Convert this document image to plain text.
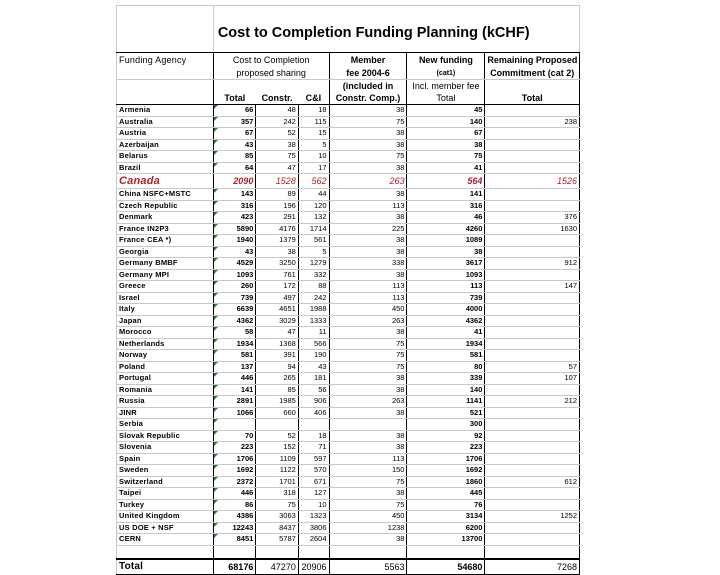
	Cost to Completion Funding Planning (kCHF)					
Funding Agency	Cost to Completion			Member	New funding	Remaining Proposed
	proposed sharing			fee 2004-6	(cat1)	Commitment (cat 2)
				(included in	Incl. member fee	
	Total	Constr.	C&I	Constr. Comp.)	Total	Total
Armenia	66	48	18	38	45	
Australia	357	242	115	75	140	238
Austria	67	52	15	38	67	
Azerbaijan	43	38	5	38	38	
Belarus	85	75	10	75	75	
Brazil	64	47	17	38	41	
Canada	2090	1528	562	263	564	1526
China NSFC+MSTC	143	89	44	38	141	
Czech Republic	316	196	120	113	316	
Denmark	423	291	132	38	46	376
France IN2P3	5890	4176	1714	225	4260	1630
France CEA *)	1940	1379	561	38	1089	
Georgia	43	38	5	38	38	
Germany BMBF	4529	3250	1279	338	3617	912
Germany MPI	1093	761	332	38	1093	
Greece	260	172	88	113	113	147
Israel	739	497	242	113	739	
Italy	6639	4651	1988	450	4000	
Japan	4362	3029	1333	263	4362	
Morocco	58	47	11	38	41	
Netherlands	1934	1368	566	75	1934	
Norway	581	391	190	75	581	
Poland	137	94	43	75	80	57
Portugal	446	265	181	38	339	107
Romania	141	85	56	38	140	
Russia	2891	1985	906	263	1141	212
JINR	1066	660	406	38	521	
Serbia					300	
Slovak Republic	70	52	18	38	92	
Slovenia	223	152	71	38	223	
Spain	1706	1109	597	113	1706	
Sweden	1692	1122	570	150	1692	
Switzerland	2372	1701	671	75	1860	612
Taipei	446	318	127	38	445	
Turkey	86	75	10	75	76	
United Kingdom	4386	3063	1323	450	3134	1252
US DOE + NSF	12243	8437	3806	1238	6200	
CERN	8451	5787	2604	38	13700	

Total	68176	47270	20906	5563	54680	7268
